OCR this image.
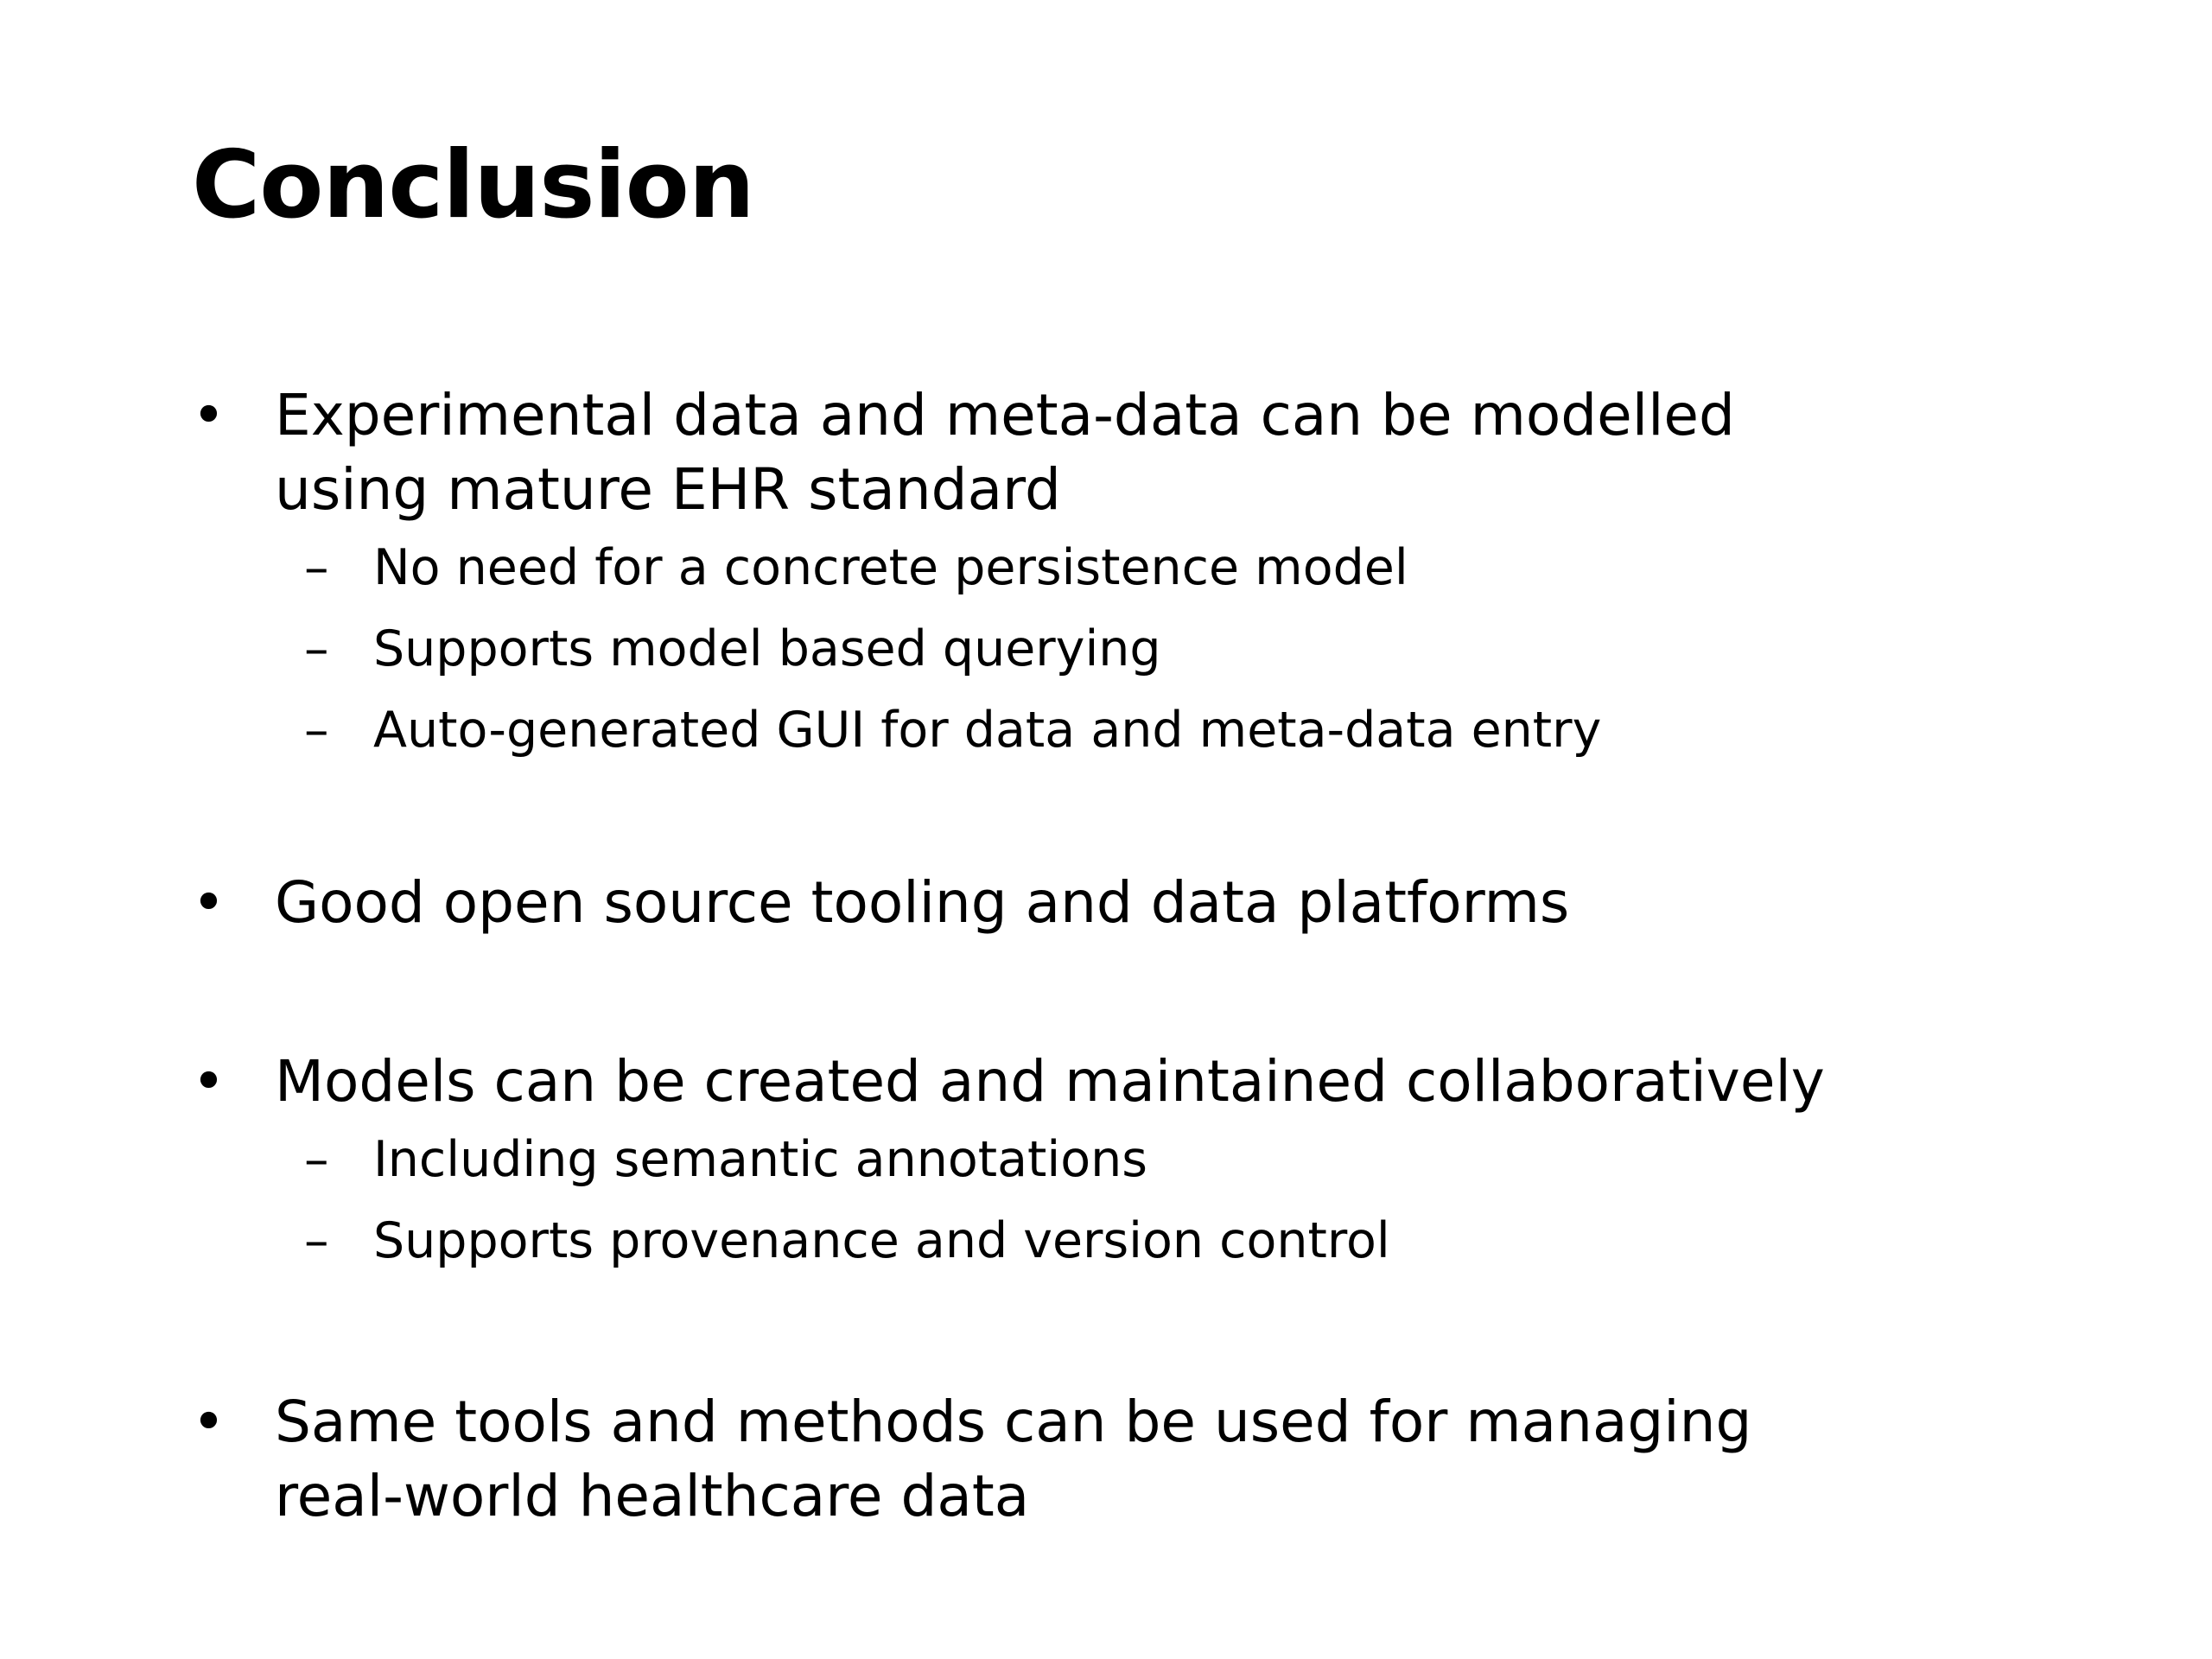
Conclusion
• Experimental data and meta-data can be modelled
using mature EHR standard
– No need for a concrete persistence model
– Supports model based querying
– Auto-generated GUI for data and meta-data entry
• Good open source tooling and data platforms
• Models can be created and maintained collaboratively
– Including semantic annotations
– Supports provenance and version control
• Same tools and methods can be used for managing
real-world healthcare data
